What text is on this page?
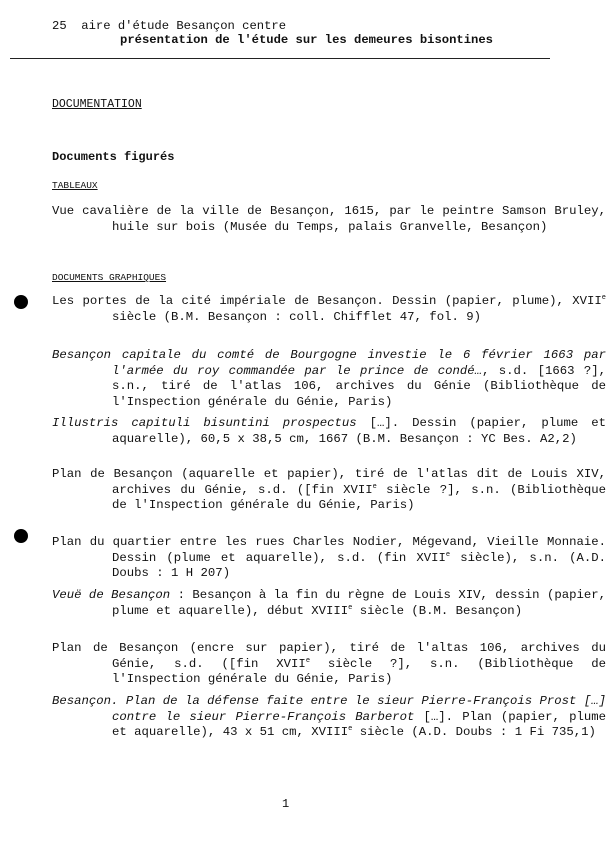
25  aire d'étude Besançon centre
présentation de l'étude sur les demeures bisontines
DOCUMENTATION
Documents figurés
TABLEAUX
Vue cavalière de la ville de Besançon, 1615, par le peintre Samson Bruley, huile sur bois (Musée du Temps, palais Granvelle, Besançon)
DOCUMENTS GRAPHIQUES
Les portes de la cité impériale de Besançon. Dessin (papier, plume), XVIIe siècle (B.M. Besançon : coll. Chifflet 47, fol. 9)
Besançon capitale du comté de Bourgogne investie le 6 février 1663 par l'armée du roy commandée par le prince de condé…, s.d. [1663 ?], s.n., tiré de l'atlas 106, archives du Génie (Bibliothèque de l'Inspection générale du Génie, Paris)
Illustris capituli bisuntini prospectus […]. Dessin (papier, plume et aquarelle), 60,5 x 38,5 cm, 1667 (B.M. Besançon : YC Bes. A2,2)
Plan de Besançon (aquarelle et papier), tiré de l'atlas dit de Louis XIV, archives du Génie, s.d. ([fin XVIIe siècle ?], s.n. (Bibliothèque de l'Inspection générale du Génie, Paris)
Plan du quartier entre les rues Charles Nodier, Mégevand, Vieille Monnaie. Dessin (plume et aquarelle), s.d. (fin XVIIe siècle), s.n. (A.D. Doubs : 1 H 207)
Veuë de Besançon : Besançon à la fin du règne de Louis XIV, dessin (papier, plume et aquarelle), début XVIIIe siècle (B.M. Besançon)
Plan de Besançon (encre sur papier), tiré de l'altas 106, archives du Génie, s.d. ([fin XVIIe siècle ?], s.n. (Bibliothèque de l'Inspection générale du Génie, Paris)
Besançon. Plan de la défense faite entre le sieur Pierre-François Prost […] contre le sieur Pierre-François Barberot […]. Plan (papier, plume et aquarelle), 43 x 51 cm, XVIIIe siècle (A.D. Doubs : 1 Fi 735,1)
1
